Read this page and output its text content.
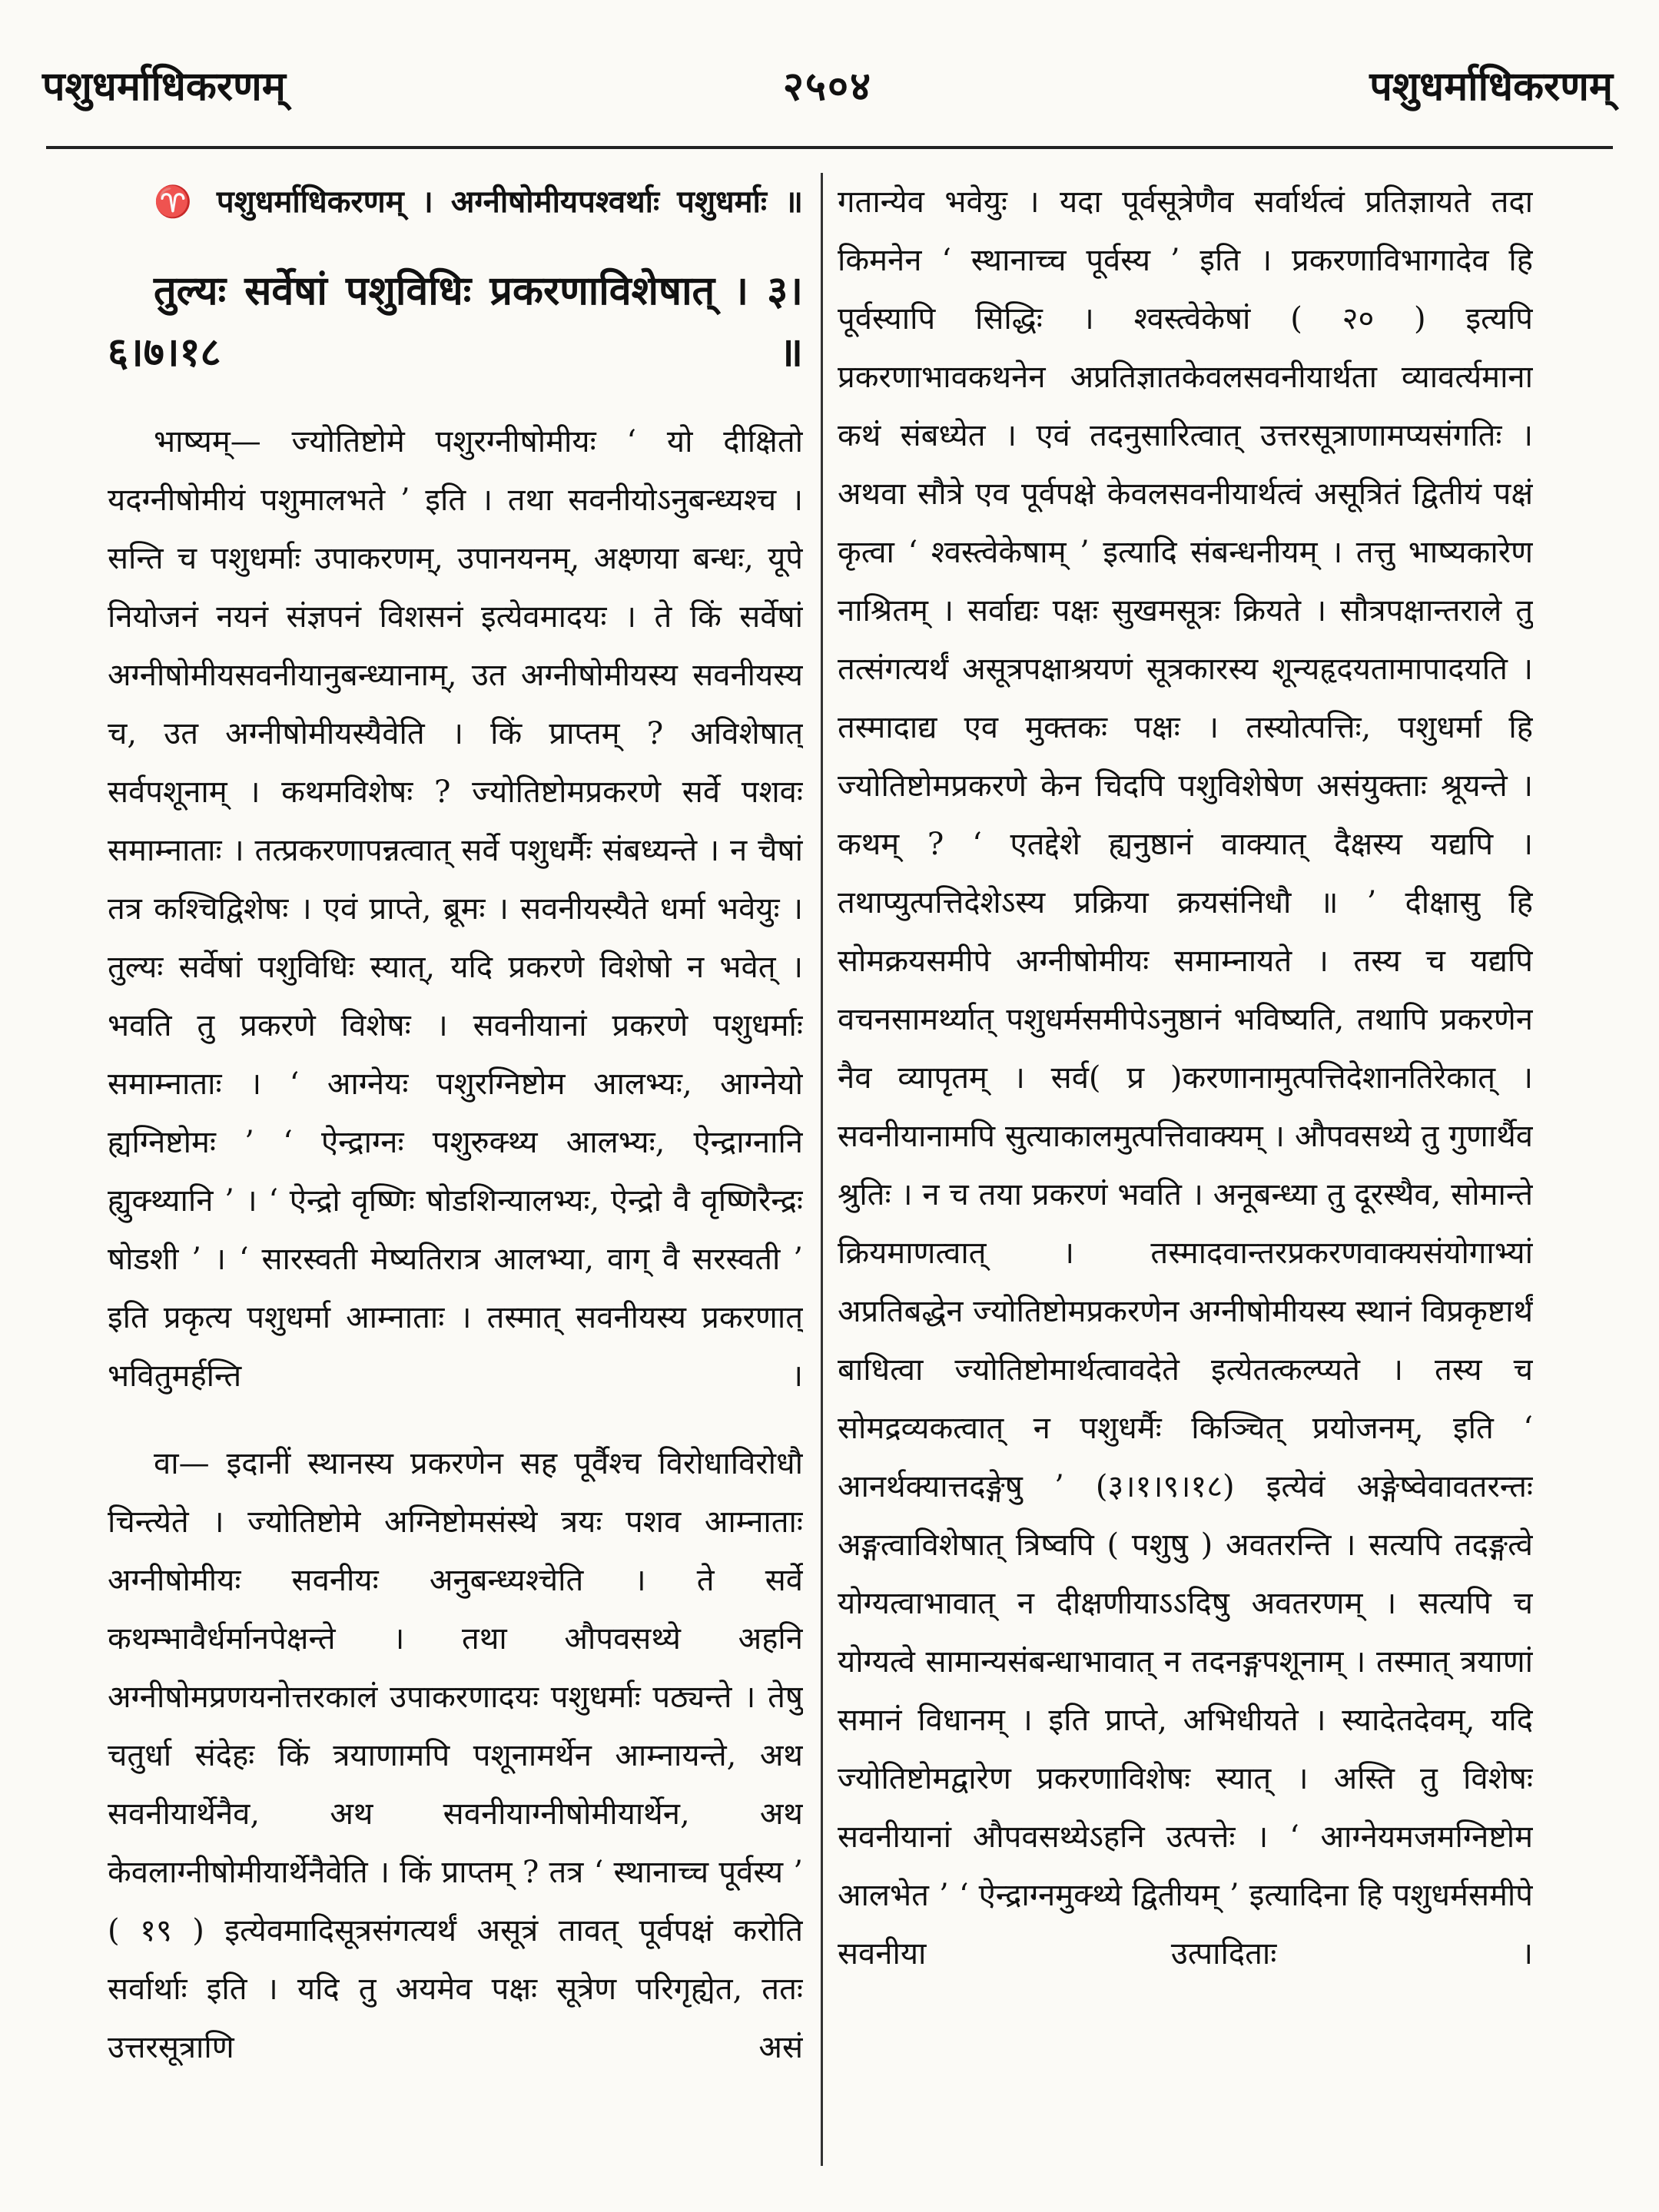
पशुधर्माधिकरणम्	२५०४	पशुधर्माधिकरणम्

♈ पशुधर्माधिकरणम् । अग्नीषोमीयपश्वर्थाः पशुधर्माः ॥

तुल्यः सर्वेषां पशुविधिः प्रकरणाविशेषात् । ३।६।७।१८ ॥

भाष्यम्— ज्योतिष्टोमे पशुरग्नीषोमीयः ‘ यो दीक्षितो यदग्नीषोमीयं पशुमालभते ’ इति । तथा सवनीयोऽनुबन्ध्यश्च । सन्ति च पशुधर्माः उपाकरणम्, उपानयनम्, अक्ष्णया बन्धः, यूपे नियोजनं नयनं संज्ञपनं विशसनं इत्येवमादयः । ते किं सर्वेषां अग्नीषोमीयसवनीयानुबन्ध्यानाम्, उत अग्नीषोमीयस्य सवनीयस्य च, उत अग्नीषोमीयस्यैवेति । किं प्राप्तम् ? अविशेषात् सर्वपशूनाम् । कथमविशेषः ? ज्योतिष्टोमप्रकरणे सर्वे पशवः समाम्नाताः । तत्प्रकरणापन्नत्वात् सर्वे पशुधर्मैः संबध्यन्ते । न चैषां तत्र कश्चिद्विशेषः । एवं प्राप्ते, ब्रूमः । सवनीयस्यैते धर्मा भवेयुः । तुल्यः सर्वेषां पशुविधिः स्यात्, यदि प्रकरणे विशेषो न भवेत् । भवति तु प्रकरणे विशेषः । सवनीयानां प्रकरणे पशुधर्माः समाम्नाताः । ‘ आग्नेयः पशुरग्निष्टोम आलभ्यः, आग्नेयो ह्यग्निष्टोमः ’ ‘ ऐन्द्राग्नः पशुरुक्थ्य आलभ्यः, ऐन्द्राग्नानि ह्युक्थ्यानि ’ । ‘ ऐन्द्रो वृष्णिः षोडशिन्यालभ्यः, ऐन्द्रो वै वृष्णिरैन्द्रः षोडशी ’ । ‘ सारस्वती मेष्यतिरात्र आलभ्या, वाग् वै सरस्वती ’ इति प्रकृत्य पशुधर्मा आम्नाताः । तस्मात् सवनीयस्य प्रकरणात् भवितुमर्हन्ति ।

वा— इदानीं स्थानस्य प्रकरणेन सह पूर्वैश्च विरोधाविरोधौ चिन्त्येते । ज्योतिष्टोमे अग्निष्टोमसंस्थे त्रयः पशव आम्नाताः अग्नीषोमीयः सवनीयः अनुबन्ध्यश्चेति । ते सर्वे कथम्भावैर्धर्मानपेक्षन्ते । तथा औपवसथ्ये अहनि अग्नीषोमप्रणयनोत्तरकालं उपाकरणादयः पशुधर्माः पठ्यन्ते । तेषु चतुर्धा संदेहः किं त्रयाणामपि पशूनामर्थेन आम्नायन्ते, अथ सवनीयार्थेनैव, अथ सवनीयाग्नीषोमीयार्थेन, अथ केवलाग्नीषोमीयार्थेनैवेति । किं प्राप्तम् ? तत्र ‘ स्थानाच्च पूर्वस्य ’ ( १९ ) इत्येवमादिसूत्रसंगत्यर्थं असूत्रं तावत् पूर्वपक्षं करोति सर्वार्थाः इति । यदि तु अयमेव पक्षः सूत्रेण परिगृह्येत, ततः उत्तरसूत्राणि असं

गतान्येव भवेयुः । यदा पूर्वसूत्रेणैव सर्वार्थत्वं प्रतिज्ञायते तदा किमनेन ‘ स्थानाच्च पूर्वस्य ’ इति । प्रकरणाविभागादेव हि पूर्वस्यापि सिद्धिः । श्वस्त्वेकेषां ( २० ) इत्यपि प्रकरणाभावकथनेन अप्रतिज्ञातकेवलसवनीयार्थता व्यावर्त्यमाना कथं संबध्येत । एवं तदनुसारित्वात् उत्तरसूत्राणामप्यसंगतिः । अथवा सौत्रे एव पूर्वपक्षे केवलसवनीयार्थत्वं असूत्रितं द्वितीयं पक्षं कृत्वा ‘ श्वस्त्वेकेषाम् ’ इत्यादि संबन्धनीयम् । तत्तु भाष्यकारेण नाश्रितम् । सर्वाद्यः पक्षः सुखमसूत्रः क्रियते । सौत्रपक्षान्तराले तु तत्संगत्यर्थं असूत्रपक्षाश्रयणं सूत्रकारस्य शून्यहृदयतामापादयति । तस्मादाद्य एव मुक्तकः पक्षः । तस्योत्पत्तिः, पशुधर्मा हि ज्योतिष्टोमप्रकरणे केन चिदपि पशुविशेषेण असंयुक्ताः श्रूयन्ते । कथम् ? ‘ एतद्देशे ह्यनुष्ठानं वाक्यात् दैक्षस्य यद्यपि । तथाप्युत्पत्तिदेशेऽस्य प्रक्रिया क्रयसंनिधौ ॥ ’ दीक्षासु हि सोमक्रयसमीपे अग्नीषोमीयः समाम्नायते । तस्य च यद्यपि वचनसामर्थ्यात् पशुधर्मसमीपेऽनुष्ठानं भविष्यति, तथापि प्रकरणेन नैव व्यापृतम् । सर्व( प्र )करणानामुत्पत्तिदेशानतिरेकात् । सवनीयानामपि सुत्याकालमुत्पत्तिवाक्यम् । औपवसथ्ये तु गुणार्थैव श्रुतिः । न च तया प्रकरणं भवति । अनूबन्ध्या तु दूरस्थैव, सोमान्ते क्रियमाणत्वात् । तस्मादवान्तरप्रकरणवाक्यसंयोगाभ्यां अप्रतिबद्धेन ज्योतिष्टोमप्रकरणेन अग्नीषोमीयस्य स्थानं विप्रकृष्टार्थं बाधित्वा ज्योतिष्टोमार्थत्वावदेते इत्येतत्कल्प्यते । तस्य च सोमद्रव्यकत्वात् न पशुधर्मैः किञ्चित् प्रयोजनम्, इति ‘ आनर्थक्यात्तदङ्गेषु ’ (३।१।९।१८) इत्येवं अङ्गेष्वेवावतरन्तः अङ्गत्वाविशेषात् त्रिष्वपि ( पशुषु ) अवतरन्ति । सत्यपि तदङ्गत्वे योग्यत्वाभावात् न दीक्षणीयाऽऽदिषु अवतरणम् । सत्यपि च योग्यत्वे सामान्यसंबन्धाभावात् न तदनङ्गपशूनाम् । तस्मात् त्रयाणां समानं विधानम् । इति प्राप्ते, अभिधीयते । स्यादेतदेवम्, यदि ज्योतिष्टोमद्वारेण प्रकरणाविशेषः स्यात् । अस्ति तु विशेषः सवनीयानां औपवसथ्येऽहनि उत्पत्तेः । ‘ आग्नेयमजमग्निष्टोम आलभेत ’ ‘ ऐन्द्राग्नमुक्थ्ये द्वितीयम् ’ इत्यादिना हि पशुधर्मसमीपे सवनीया उत्पादिताः ।
